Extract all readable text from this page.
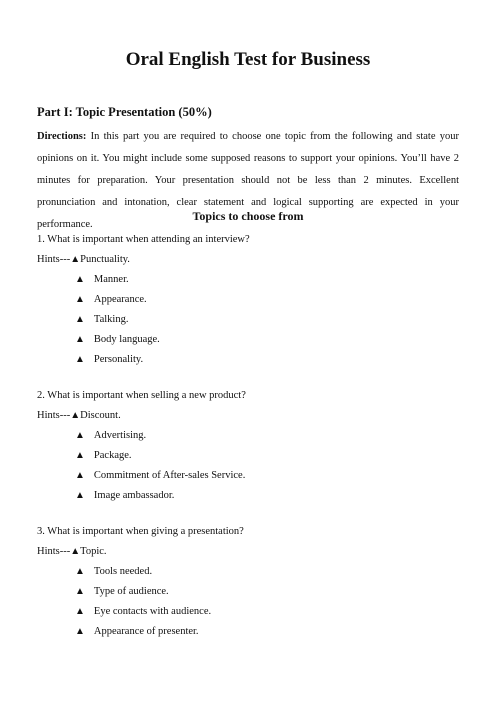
Oral English Test for Business
Part I: Topic Presentation (50%)
Directions: In this part you are required to choose one topic from the following and state your opinions on it. You might include some supposed reasons to support your opinions. You’ll have 2 minutes for preparation. Your presentation should not be less than 2 minutes. Excellent pronunciation and intonation, clear statement and logical supporting are expected in your performance.
Topics to choose from
1. What is important when attending an interview?
Hints---▲Punctuality.
▲ Manner.
▲ Appearance.
▲ Talking.
▲ Body language.
▲ Personality.
2. What is important when selling a new product?
Hints---▲Discount.
▲ Advertising.
▲ Package.
▲ Commitment of After-sales Service.
▲ Image ambassador.
3. What is important when giving a presentation?
Hints---▲Topic.
▲ Tools needed.
▲ Type of audience.
▲ Eye contacts with audience.
▲ Appearance of presenter.
